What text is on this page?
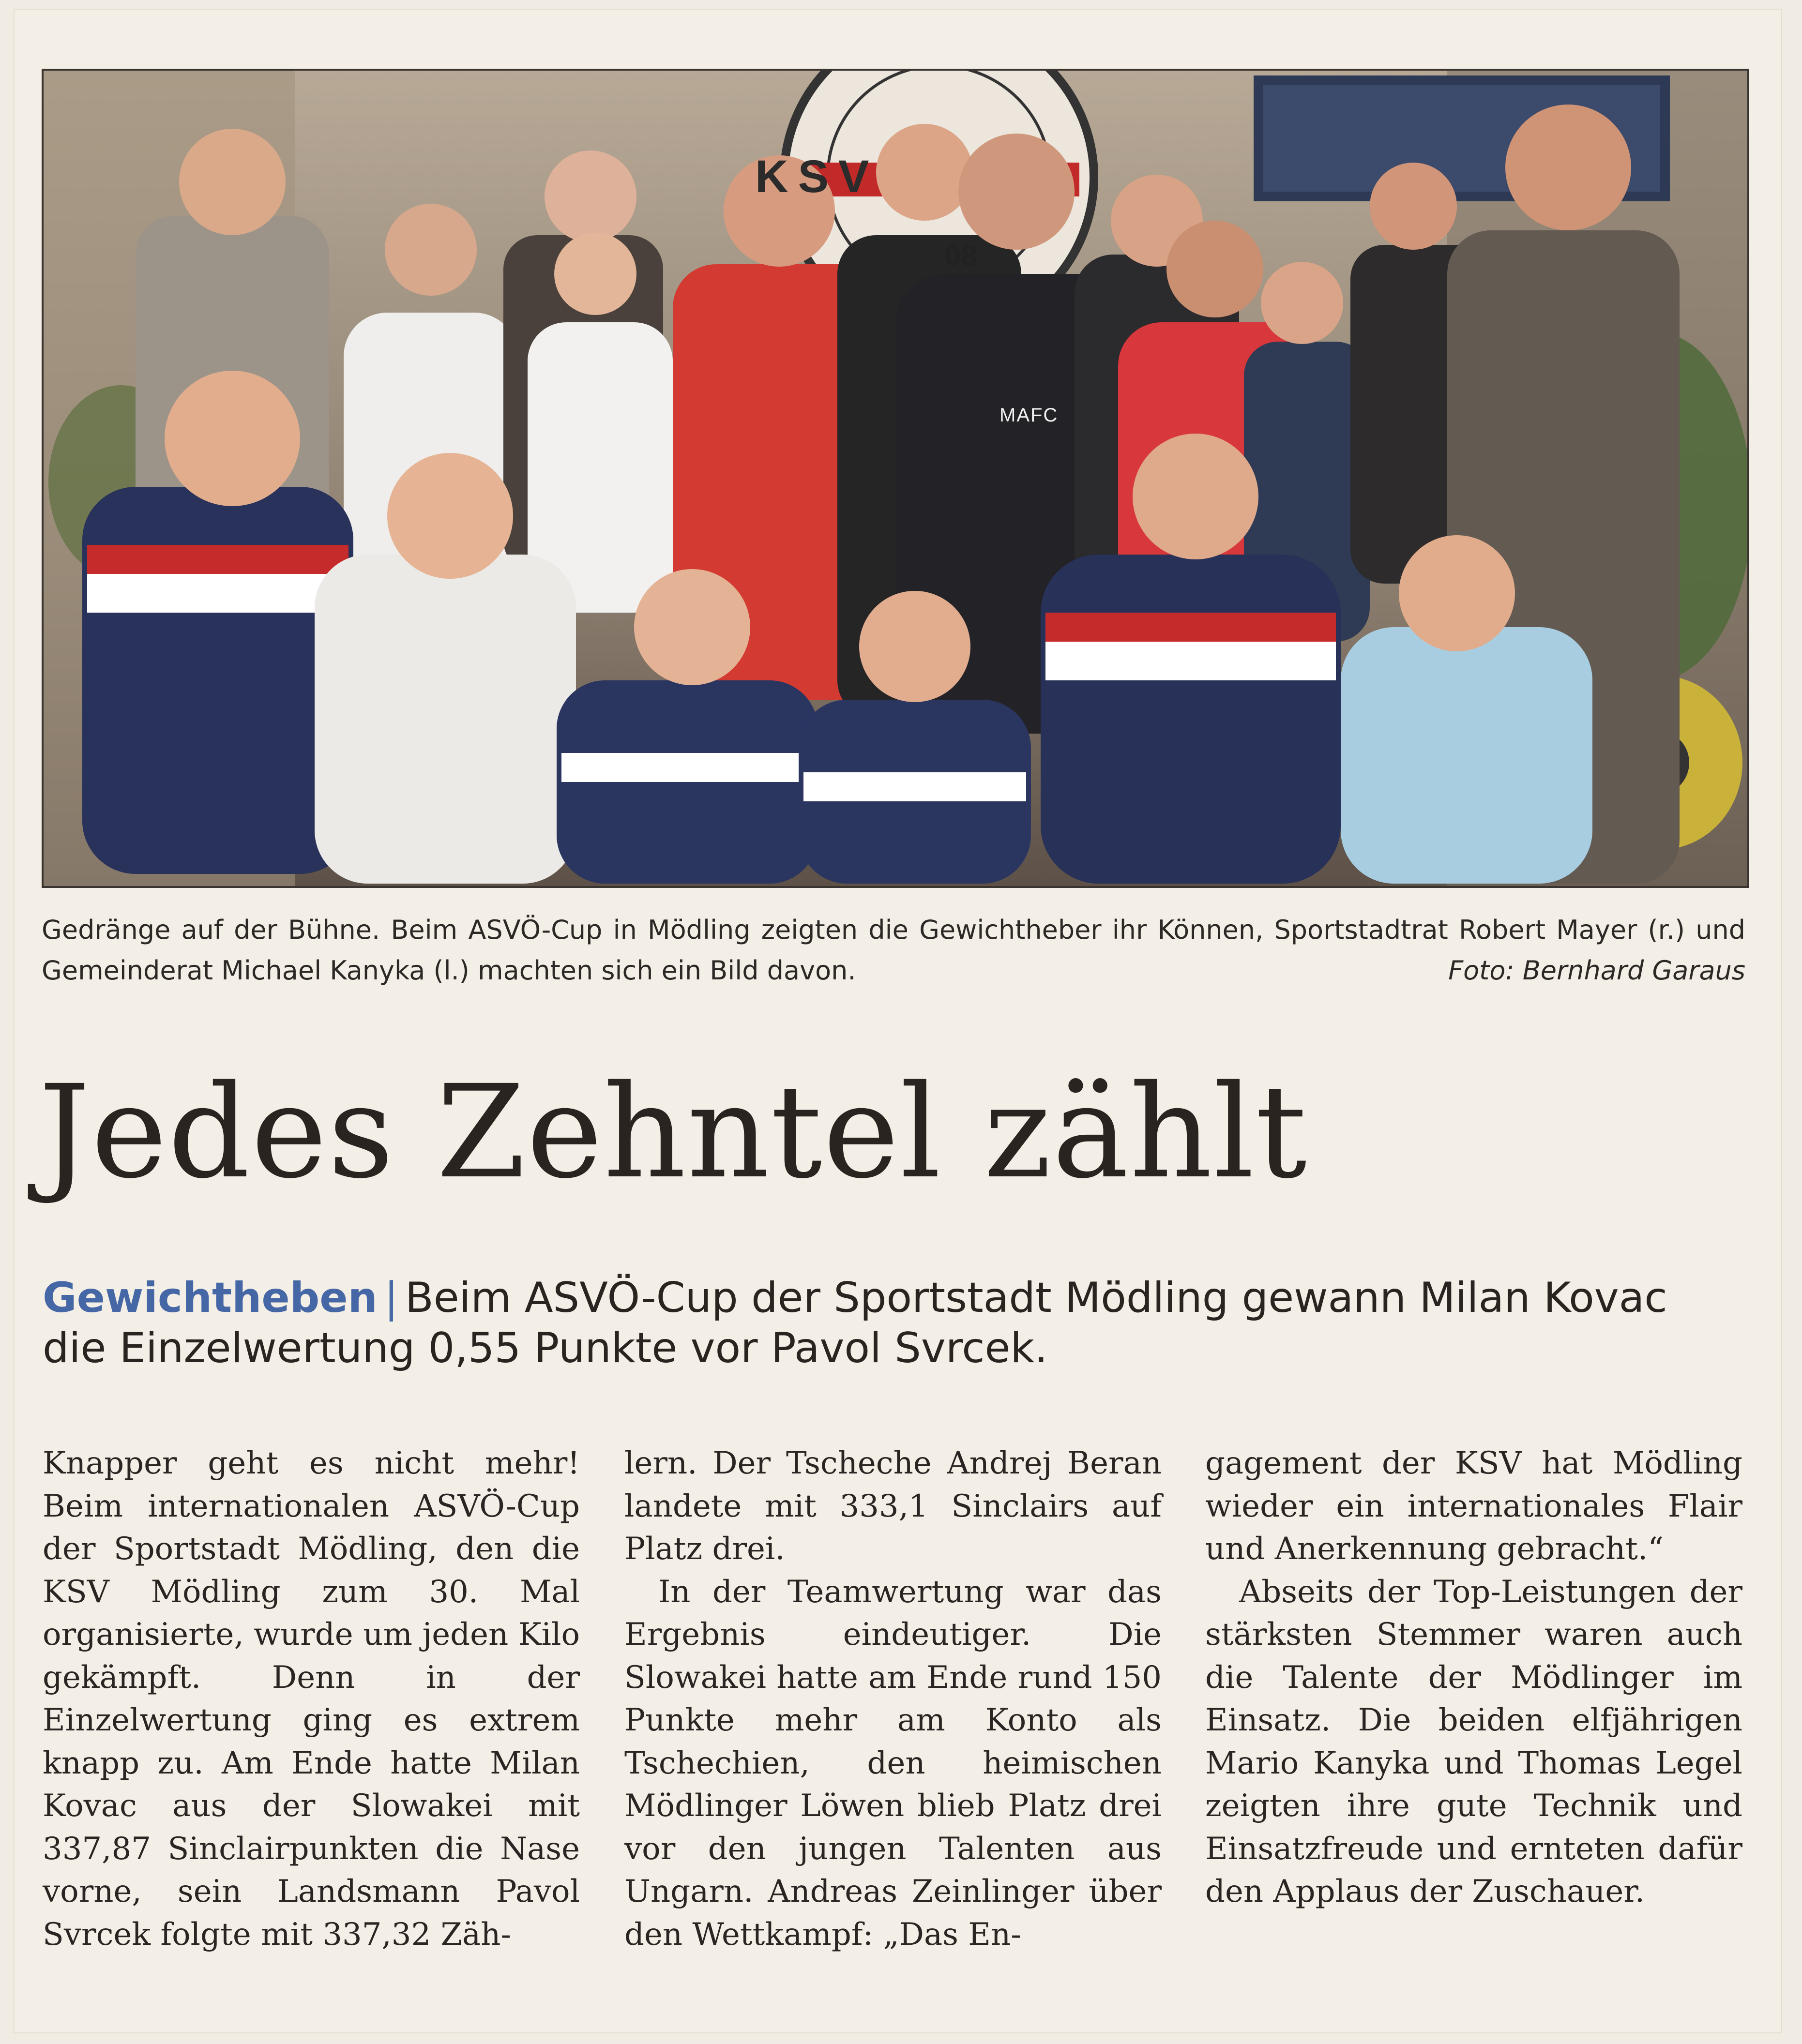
KSV
08
MAFC
Gedränge auf der Bühne. Beim ASVÖ-Cup in Mödling zeigten die Gewichtheber ihr Können, Sportstadtrat Robert Mayer (r.) und Gemeinderat Michael Kanyka (l.) machten sich ein Bild davon.	Foto: Bernhard Garaus
Jedes Zehntel zählt
Gewichtheben | Beim ASVÖ-Cup der Sportstadt Mödling gewann Milan Kovac die Einzelwertung 0,55 Punkte vor Pavol Svrcek.

Knapper geht es nicht mehr! Beim internationalen ASVÖ-Cup der Sportstadt Mödling, den die KSV Mödling zum 30. Mal organisierte, wurde um jeden Kilo gekämpft. Denn in der Einzelwertung ging es extrem knapp zu. Am Ende hatte Milan Kovac aus der Slowakei mit 337,87 Sinclairpunkten die Nase vorne, sein Landsmann Pavol Svrcek folgte mit 337,32 Zäh-

lern. Der Tscheche Andrej Beran landete mit 333,1 Sinclairs auf Platz drei.

In der Teamwertung war das Ergebnis eindeutiger. Die Slowakei hatte am Ende rund 150 Punkte mehr am Konto als Tschechien, den heimischen Mödlinger Löwen blieb Platz drei vor den jungen Talenten aus Ungarn. Andreas Zeinlinger über den Wettkampf: „Das En-

gagement der KSV hat Mödling wieder ein internationales Flair und Anerkennung gebracht.“

Abseits der Top-Leistungen der stärksten Stemmer waren auch die Talente der Mödlinger im Einsatz. Die beiden elfjährigen Mario Kanyka und Thomas Legel zeigten ihre gute Technik und Einsatzfreude und ernteten dafür den Applaus der Zuschauer.
